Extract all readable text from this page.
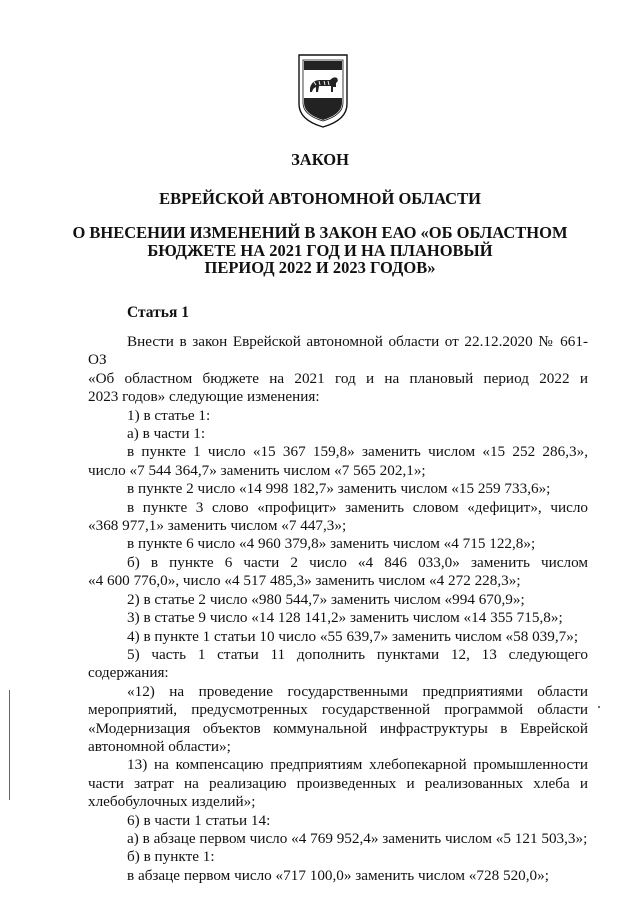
ЗАКОН
ЕВРЕЙСКОЙ АВТОНОМНОЙ ОБЛАСТИ
О ВНЕСЕНИИ ИЗМЕНЕНИЙ В ЗАКОН ЕАО «ОБ ОБЛАСТНОМ
БЮДЖЕТЕ НА 2021 ГОД И НА ПЛАНОВЫЙ
ПЕРИОД 2022 И 2023 ГОДОВ»
Статья 1

Внести в закон Еврейской автономной области от 22.12.2020 № 661-ОЗ

«Об областном бюджете на 2021 год и на плановый период 2022 и

2023 годов» следующие изменения:

1) в статье 1:

а) в части 1:

в пункте 1 число «15 367 159,8» заменить числом «15 252 286,3»,

число «7 544 364,7» заменить числом «7 565 202,1»;

в пункте 2 число «14 998 182,7» заменить числом «15 259 733,6»;

в пункте 3 слово «профицит» заменить словом «дефицит», число

«368 977,1» заменить числом «7 447,3»;

в пункте 6 число «4 960 379,8» заменить числом «4 715 122,8»;

б) в пункте 6 части 2 число «4 846 033,0» заменить числом

«4 600 776,0», число «4 517 485,3» заменить числом «4 272 228,3»;

2) в статье 2 число «980 544,7» заменить числом «994 670,9»;

3) в статье 9 число «14 128 141,2» заменить числом «14 355 715,8»;

4) в пункте 1 статьи 10 число «55 639,7» заменить числом «58 039,7»;

5) часть 1 статьи 11 дополнить пунктами 12, 13 следующего

содержания:

«12) на проведение государственными предприятиями области

мероприятий, предусмотренных государственной программой области

«Модернизация объектов коммунальной инфраструктуры в Еврейской

автономной области»;

13) на компенсацию предприятиям хлебопекарной промышленности

части затрат на реализацию произведенных и реализованных хлеба и

хлебобулочных изделий»;

6) в части 1 статьи 14:

а) в абзаце первом число «4 769 952,4» заменить числом «5 121 503,3»;

б) в пункте 1:

в абзаце первом число «717 100,0» заменить числом «728 520,0»;
